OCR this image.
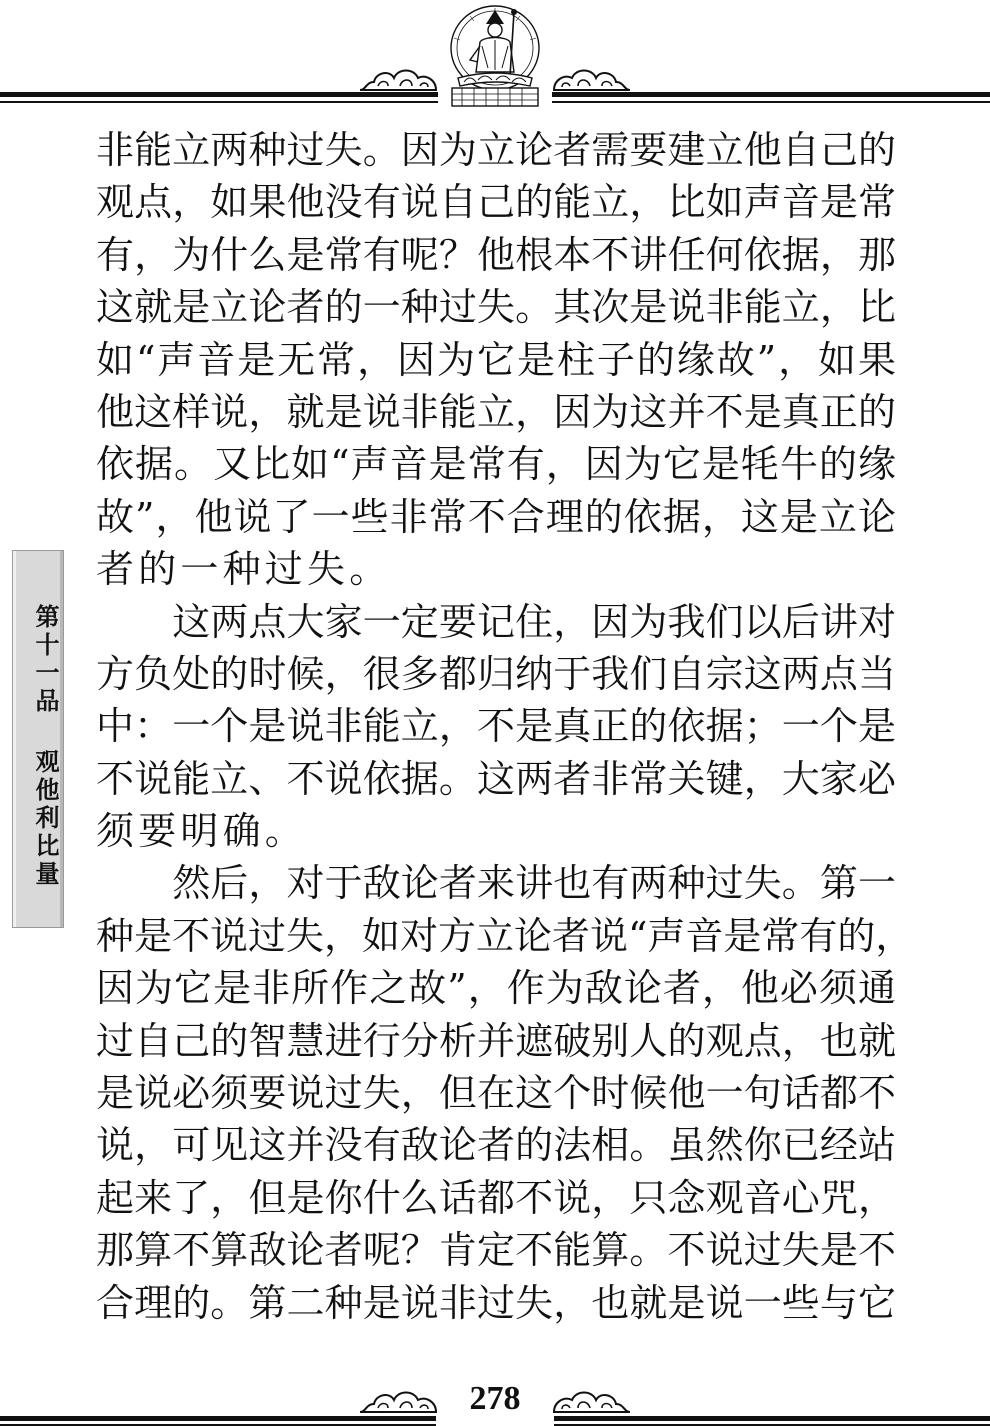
第十一品 观他利比量
非能立两种过失。因为立论者需要建立他自己的
观点，如果他没有说自己的能立，比如声音是常
有，为什么是常有呢？他根本不讲任何依据，那
这就是立论者的一种过失。其次是说非能立，比
如“声音是无常，因为它是柱子的缘故”，如果
他这样说，就是说非能立，因为这并不是真正的
依据。又比如“声音是常有，因为它是牦牛的缘
故”，他说了一些非常不合理的依据，这是立论
者的一种过失。
　　这两点大家一定要记住，因为我们以后讲对
方负处的时候，很多都归纳于我们自宗这两点当
中：一个是说非能立，不是真正的依据；一个是
不说能立、不说依据。这两者非常关键，大家必
须要明确。
　　然后，对于敌论者来讲也有两种过失。第一
种是不说过失，如对方立论者说“声音是常有的，
因为它是非所作之故”，作为敌论者，他必须通
过自己的智慧进行分析并遮破别人的观点，也就
是说必须要说过失，但在这个时候他一句话都不
说，可见这并没有敌论者的法相。虽然你已经站
起来了，但是你什么话都不说，只念观音心咒，
那算不算敌论者呢？肯定不能算。不说过失是不
合理的。第二种是说非过失，也就是说一些与它
278
